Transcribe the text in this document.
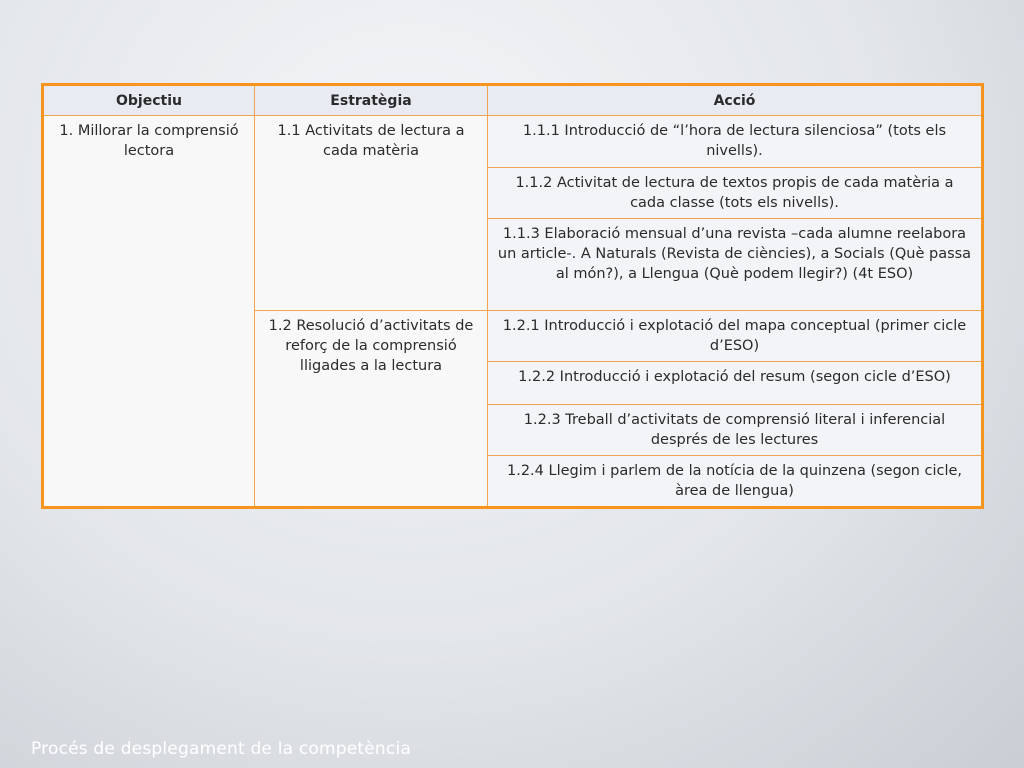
Objectiu	Estratègia	Acció
1. Millorar la comprensió lectora	1.1 Activitats de lectura a cada matèria	1.1.1 Introducció de “l’hora de lectura silenciosa” (tots els nivells).
		1.1.2 Activitat de lectura de textos propis de cada matèria a cada classe (tots els nivells).
		1.1.3 Elaboració mensual d’una revista –cada alumne reelabora un article-. A Naturals (Revista de ciències), a Socials (Què passa al món?), a Llengua (Què podem llegir?) (4t ESO)
	1.2 Resolució d’activitats de reforç de la comprensió lligades a la lectura	1.2.1 Introducció i explotació del mapa conceptual (primer cicle d’ESO)
		1.2.2 Introducció i explotació del resum (segon cicle d’ESO)
		1.2.3 Treball d’activitats de comprensió literal i inferencial després de les lectures
		1.2.4 Llegim i parlem de la notícia de la quinzena (segon cicle, àrea de llengua)
Procés de desplegament de la competència
